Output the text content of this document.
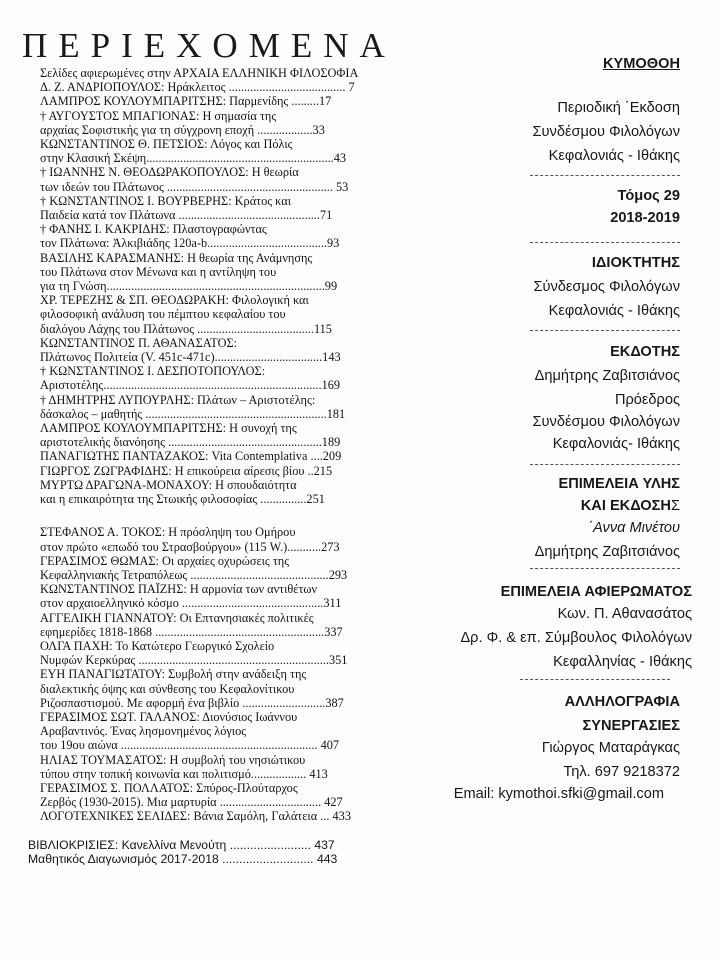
ΠΕΡΙΕΧΟΜΕΝΑ
Σελίδες αφιερωμένες στην ΑΡΧΑΙΑ ΕΛΛΗΝΙΚΗ ΦΙΛΟΣΟΦΙΑ
Δ. Ζ. ΑΝΔΡΙΟΠΟΥΛΟΣ: Ηράκλειτος ...................................... 7
ΛΑΜΠΡΟΣ ΚΟΥΛΟΥΜΠΑΡΙΤΣΗΣ: Παρμενίδης .........17
† ΑΥΓΟΥΣΤΟΣ ΜΠΑΓΙΟΝΑΣ: Η σημασία της
αρχαίας Σοφιστικής για τη σύγχρονη εποχή ..................33
ΚΩΝΣΤΑΝΤΙΝΟΣ Θ. ΠΕΤΣΙΟΣ: Λόγος και Πόλις
στην Κλασική Σκέψη.............................................................43
† ΙΩΑΝΝΗΣ Ν. ΘΕΟΔΩΡΑΚΟΠΟΥΛΟΣ: Η θεωρία
των ιδεών του Πλάτωνος ...................................................... 53
† ΚΩΝΣΤΑΝΤΙΝΟΣ Ι. ΒΟΥΡΒΕΡΗΣ: Κράτος και
Παιδεία κατά τον Πλάτωνα ..............................................71
† ΦΑΝΗΣ Ι. ΚΑΚΡΙΔΗΣ: Πλαστογραφώντας
τον Πλάτωνα: Ἀλκιβιάδης 120a-b.......................................93
ΒΑΣΙΛΗΣ ΚΑΡΑΣΜΑΝΗΣ: Η θεωρία της Ανάμνησης
του Πλάτωνα στον Μένωνα και η αντίληψη του
για τη Γνώση.......................................................................99
ΧΡ. ΤΕΡΕΖΗΣ & ΣΠ. ΘΕΟΔΩΡΑΚΗ: Φιλολογική και
φιλοσοφική ανάλυση του πέμπτου κεφαλαίου του
διαλόγου Λάχης του Πλάτωνος ......................................115
ΚΩΝΣΤΑΝΤΙΝΟΣ Π. ΑΘΑΝΑΣΑΤΟΣ:
Πλάτωνος Πολιτεία (V. 451c-471c)...................................143
† ΚΩΝΣΤΑΝΤΙΝΟΣ Ι. ΔΕΣΠΟΤΟΠΟΥΛΟΣ:
Αριστοτέλης.......................................................................169
† ΔΗΜΗΤΡΗΣ ΛΥΠΟΥΡΛΗΣ: Πλάτων – Αριστοτέλης:
δάσκαλος – μαθητής ...........................................................181
ΛΑΜΠΡΟΣ ΚΟΥΛΟΥΜΠΑΡΙΤΣΗΣ: Η συνοχή της
αριστοτελικής διανόησης ..................................................189
ΠΑΝΑΓΙΩΤΗΣ ΠΑΝΤΑΖΑΚΟΣ: Vita Contemplativa ....209
ΓΙΩΡΓΟΣ ΖΩΓΡΑΦΙΔΗΣ: Η επικούρεια αίρεσις βίου ..215
ΜΥΡΤΩ ΔΡΑΓΩΝΑ-ΜΟΝΑΧΟΥ: Η σπουδαιότητα
και η επικαιρότητα της Στωικής φιλοσοφίας ...............251
ΣΤΕΦΑΝΟΣ Α. ΤΟΚΟΣ: Η πρόσληψη του Ομήρου
στον πρώτο «επωδό του Στρασβούργου» (115 W.)...........273
ΓΕΡΑΣΙΜΟΣ ΘΩΜΑΣ: Οι αρχαίες οχυρώσεις της
Κεφαλληνιακής Τετραπόλεως .............................................293
ΚΩΝΣΤΑΝΤΙΝΟΣ ΠΑΪΖΗΣ: Η αρμονία των αντιθέτων
στον αρχαιοελληνικό κόσμο ..............................................311
ΑΓΓΕΛΙΚΗ ΓΙΑΝΝΑΤΟΥ: Οι Επτανησιακές πολιτικές
εφημερίδες 1818-1868 .......................................................337
ΟΛΓΑ ΠΑΧΗ: Το Κατώτερο Γεωργικό Σχολείο
Νυμφών Κερκύρας ..............................................................351
ΕΥΗ ΠΑΝΑΓΙΩΤΑΤΟΥ: Συμβολή στην ανάδειξη της
διαλεκτικής όψης και σύνθεσης του Κεφαλονίτικου
Ριζοσπαστισμού. Με αφορμή ένα βιβλίο ...........................387
ΓΕΡΑΣΙΜΟΣ ΣΩΤ. ΓΑΛΑΝΟΣ: Διονύσιος Ιωάννου
Αραβαντινός. Ένας λησμονημένος λόγιος
του 19ου αιώνα ................................................................ 407
ΗΛΙΑΣ ΤΟΥΜΑΣΑΤΟΣ: Η συμβολή του νησιώτικου
τύπου στην τοπική κοινωνία και πολιτισμό.................. 413
ΓΕΡΑΣΙΜΟΣ Σ. ΠΟΛΛΑΤΟΣ: Σπύρος-Πλούταρχος
Ζερβός (1930-2015). Μια μαρτυρία ................................. 427
ΛΟΓΟΤΕΧΝΙΚΕΣ ΣΕΛΙΔΕΣ: Βάνια Σαμόλη, Γαλάτεια ... 433
ΒΙΒΛΙΟΚΡΙΣΙΕΣ: Κανελλίνα Μενούτη ........................ 437
Μαθητικός Διαγωνισμός 2017-2018 ........................... 443
ΚΥΜΟΘΟΗ
Περιοδική ΄Εκδοση
Συνδέσμου Φιλολόγων
Κεφαλονιάς - Ιθάκης
Τόμος 29
2018-2019
ΙΔΙΟΚΤΗΤΗΣ
Σύνδεσμος Φιλολόγων
Κεφαλονιάς - Ιθάκης
ΕΚΔΟΤΗΣ
Δημήτρης Ζαβιτσιάνος
Πρόεδρος
Συνδέσμου Φιλολόγων
Κεφαλονιάς- Ιθάκης
ΕΠΙΜΕΛΕΙΑ ΥΛΗΣ
ΚΑΙ ΕΚΔΟΣΗΣ
΄Αννα Μινέτου
Δημήτρης Ζαβιτσιάνος
ΕΠΙΜΕΛΕΙΑ ΑΦΙΕΡΩΜΑΤΟΣ
Κων. Π. Αθανασάτος
Δρ. Φ. & επ. Σύμβουλος Φιλολόγων
Κεφαλληνίας - Ιθάκης
ΑΛΛΗΛΟΓΡΑΦΙΑ
ΣΥΝΕΡΓΑΣΙΕΣ
Γιώργος Ματαράγκας
Τηλ. 697 9218372
Email: kymothoi.sfki@gmail.com
